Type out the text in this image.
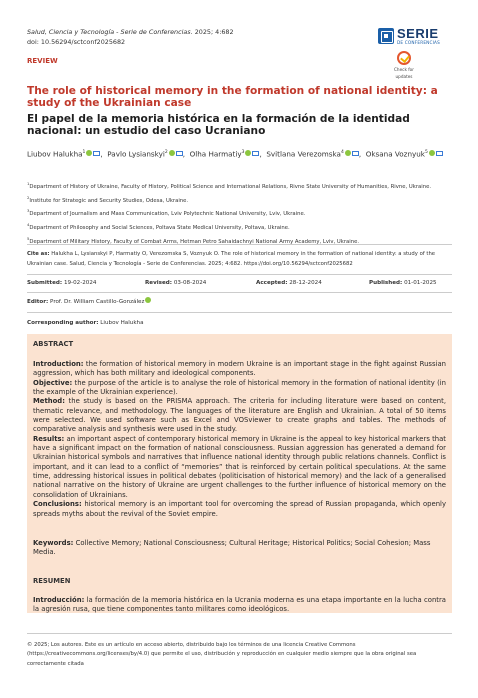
Salud, Ciencia y Tecnología - Serie de Conferencias. 2025; 4:682
doi: 10.56294/sctconf2025682
SERIE
DE CONFERENCIAS
Check for
updates
REVIEW
The role of historical memory in the formation of national identity: a study of the Ukrainian case
El papel de la memoria histórica en la formación de la identidad nacional: un estudio del caso Ucraniano
Liubov Halukha$^1$ ,  Pavlo Lysianskyi$^2$ ,  Olha Harmatiy$^3$ ,  Svitlana Verezomska$^4$ ,  Oksana Voznyuk$^5$
$^1$Department of History of Ukraine, Faculty of History, Political Science and International Relations, Rivne State University of Humanities, Rivne, Ukraine.
$^2$Institute for Strategic and Security Studies, Odesa, Ukraine.
$^3$Department of Journalism and Mass Communication, Lviv Polytechnic National University, Lviv, Ukraine.
$^4$Department of Philosophy and Social Sciences, Poltava State Medical University, Poltava, Ukraine.
$^5$Department of Military History, Faculty of Combat Arms, Hetman Petro Sahaidachnyi National Army Academy, Lviv, Ukraine.
Cite as: Halukha L, Lysianskyi P, Harmatiy O, Verezomska S, Voznyuk O. The role of historical memory in the formation of national identity: a study of the Ukrainian case. Salud, Ciencia y Tecnología - Serie de Conferencias. 2025; 4:682. https://doi.org/10.56294/sctconf2025682
Submitted: 19-02-2024	Revised: 03-08-2024	Accepted: 28-12-2024	Published: 01-01-2025
Editor: Prof. Dr. William Castillo-González
Corresponding author: Liubov Halukha
ABSTRACT

Introduction: the formation of historical memory in modern Ukraine is an important stage in the fight against Russian aggression, which has both military and ideological components.

Objective: the purpose of the article is to analyse the role of historical memory in the formation of national identity (in the example of the Ukrainian experience).

Method: the study is based on the PRISMA approach. The criteria for including literature were based on content, thematic relevance, and methodology. The languages of the literature are English and Ukrainian. A total of 50 items were selected. We used software such as Excel and VOSviewer to create graphs and tables. The methods of comparative analysis and synthesis were used in the study.

Results: an important aspect of contemporary historical memory in Ukraine is the appeal to key historical markers that have a significant impact on the formation of national consciousness. Russian aggression has generated a demand for Ukrainian historical symbols and narratives that influence national identity through public relations channels. Conflict is important, and it can lead to a conflict of “memories” that is reinforced by certain political speculations. At the same time, addressing historical issues in political debates (politicisation of historical memory) and the lack of a generalised national narrative on the history of Ukraine are urgent challenges to the further influence of historical memory on the consolidation of Ukrainians.

Conclusions: historical memory is an important tool for overcoming the spread of Russian propaganda, which openly spreads myths about the revival of the Soviet empire.

Keywords: Collective Memory; National Consciousness; Cultural Heritage; Historical Politics; Social Cohesion; Mass Media.
RESUMEN
Introducción: la formación de la memoria histórica en la Ucrania moderna es una etapa importante en la lucha contra la agresión rusa, que tiene componentes tanto militares como ideológicos.
© 2025; Los autores. Este es un artículo en acceso abierto, distribuido bajo los términos de una licencia Creative Commons (https://creativecommons.org/licenses/by/4.0) que permite el uso, distribución y reproducción en cualquier medio siempre que la obra original sea correctamente citada
